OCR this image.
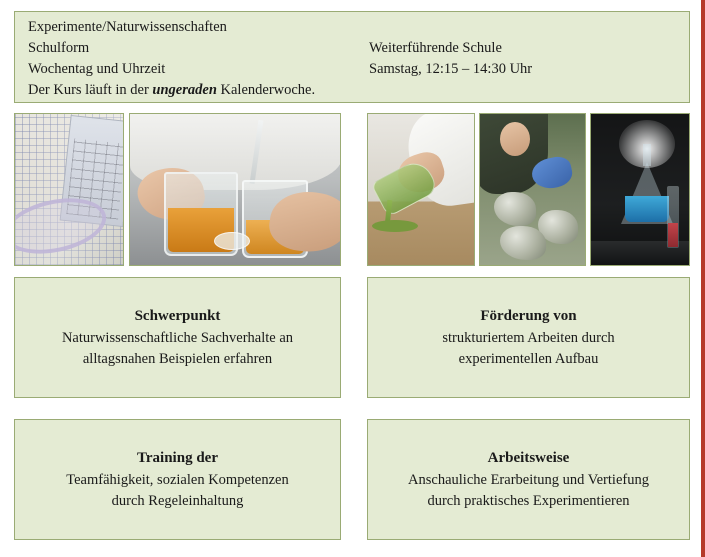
Experimente/Naturwissenschaften
Schulform
Wochentag und Uhrzeit
Weiterführende Schule
Samstag, 12:15 – 14:30 Uhr
Der Kurs läuft in der ungeraden Kalenderwoche.
Schwerpunkt
Naturwissenschaftliche Sachverhalte an
alltagsnahen Beispielen erfahren
Förderung von
strukturiertem Arbeiten durch
experimentellen Aufbau
Training der
Teamfähigkeit, sozialen Kompetenzen
durch Regeleinhaltung
Arbeitsweise
Anschauliche Erarbeitung und Vertiefung
durch praktisches Experimentieren
